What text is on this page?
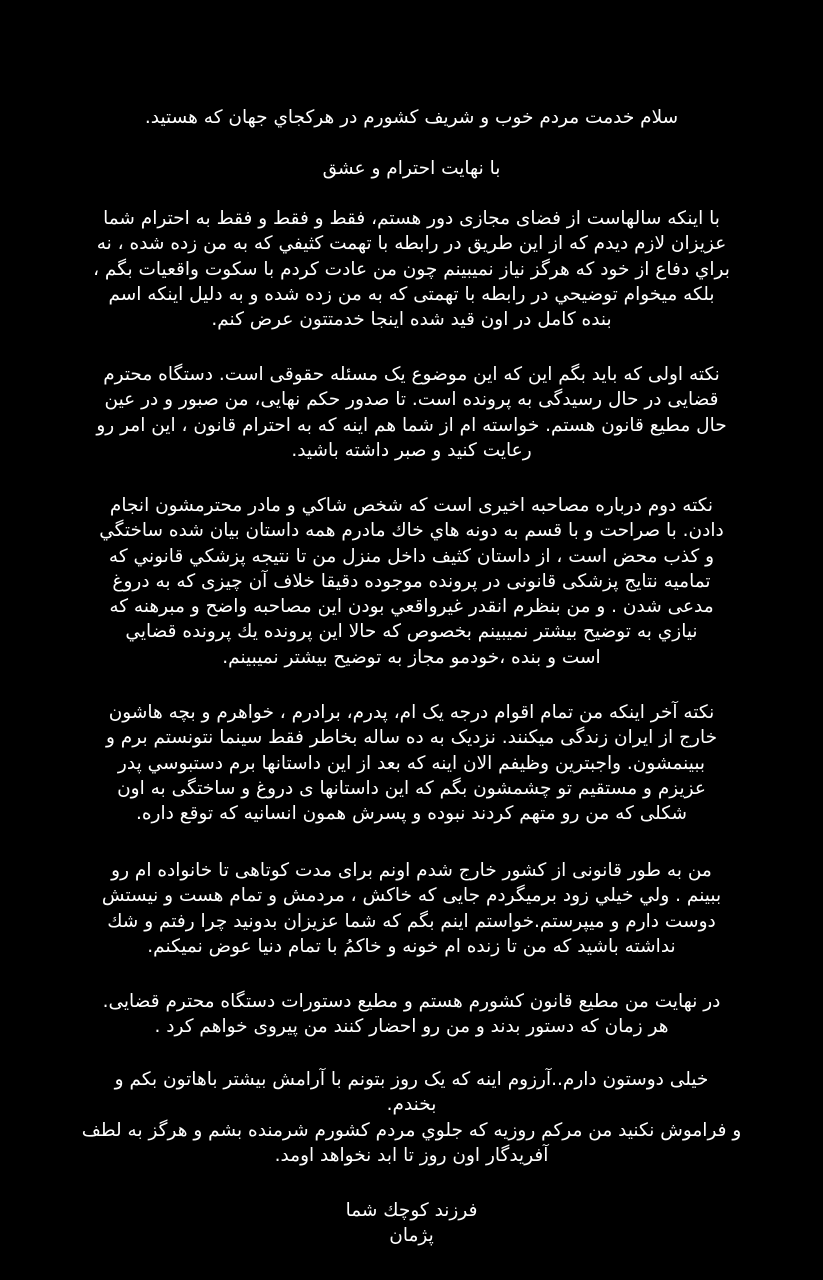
سلام خدمت مردم خوب و شریف کشورم در هرکجاي جهان که هستید.

با نهایت احترام و عشق

با اینکه سالهاست از فضای مجازی دور هستم، فقط و فقط و فقط به احترام شما
عزیزان لازم دیدم که از این طریق در رابطه با تهمت کثیفي که به من زده شده ، نه
براي دفاع از خود که هرگز نیاز نمیبینم چون من عادت کردم با سکوت واقعیات بگم ،
بلکه میخوام توضیحي در رابطه با تهمتی که به من زده شده و به دلیل اینکه اسم
بنده کامل در اون قید شده اینجا خدمتتون عرض کنم.

نکته اولی که باید بگم این که این موضوع یک مسئله حقوقی است. دستگاه محترم
قضایی در حال رسیدگی به پرونده است. تا صدور حکم نهایی، من صبور و در عین
حال مطیع قانون هستم. خواسته ام از شما هم اینه که به احترام قانون ، این امر رو
رعایت کنید و صبر داشته باشید.

نکته دوم درباره مصاحبه اخیری است که شخص شاکي و مادر محترمشون انجام
دادن. با صراحت و با قسم به دونه هاي خاك مادرم همه داستان بیان شده ساختگي
و کذب محض است ، از داستان کثیف داخل منزل من تا نتیجه پزشکي قانوني که
تمامیه نتایج پزشکی قانونی در پرونده موجوده دقیقا خلاف آن چیزی که به دروغ
مدعی شدن . و من بنظرم انقدر غیرواقعي بودن این مصاحبه واضح و مبرهنه که
نیازي به توضیح بیشتر نمیبینم بخصوص که حالا این پرونده یك پرونده قضايي
است و بنده ،خودمو مجاز به توضیح بیشتر نمیبینم.

نکته آخر اینکه من تمام اقوام درجه یک ام، پدرم، برادرم ، خواهرم و بچه هاشون
خارج از ایران زندگی میکنند. نزدیک به ده ساله بخاطر فقط سینما نتونستم برم و
ببینمشون. واجبترین وظیفم الان اینه که بعد از این داستانها برم دستبوسي پدر
عزیزم و مستقیم تو چشمشون بگم که این داستانها ی دروغ و ساختگی به اون
شکلی که من رو متهم کردند نبوده و پسرش همون انسانیه که توقع داره.

من به طور قانونی از کشور خارج شدم اونم برای مدت کوتاهی تا خانواده ام رو
ببینم . ولي خیلي زود برمیگردم جایی که خاکش ، مردمش و تمام هست و نیستش
دوست دارم و میپرستم.خواستم اینم بگم که شما عزیزان بدونید چرا رفتم و شك
نداشته باشید که من تا زنده ام خونه و خاکمُ با تمام دنیا عوض نمیکنم.

در نهایت من مطیع قانون کشورم هستم و مطیع دستورات دستگاه محترم قضایی.
هر زمان که دستور بدند و من رو احضار کنند من پیروی خواهم کرد .

خیلی دوستون دارم..آرزوم اینه که یک روز بتونم با آرامش بیشتر باهاتون بکم و
بخندم.
و فراموش نکنید من مرکم روزیه که جلوي مردم کشورم شرمنده بشم و هرگز به لطف
آفریدگار اون روز تا ابد نخواهد اومد.

فرزند کوچك شما
پژمان
